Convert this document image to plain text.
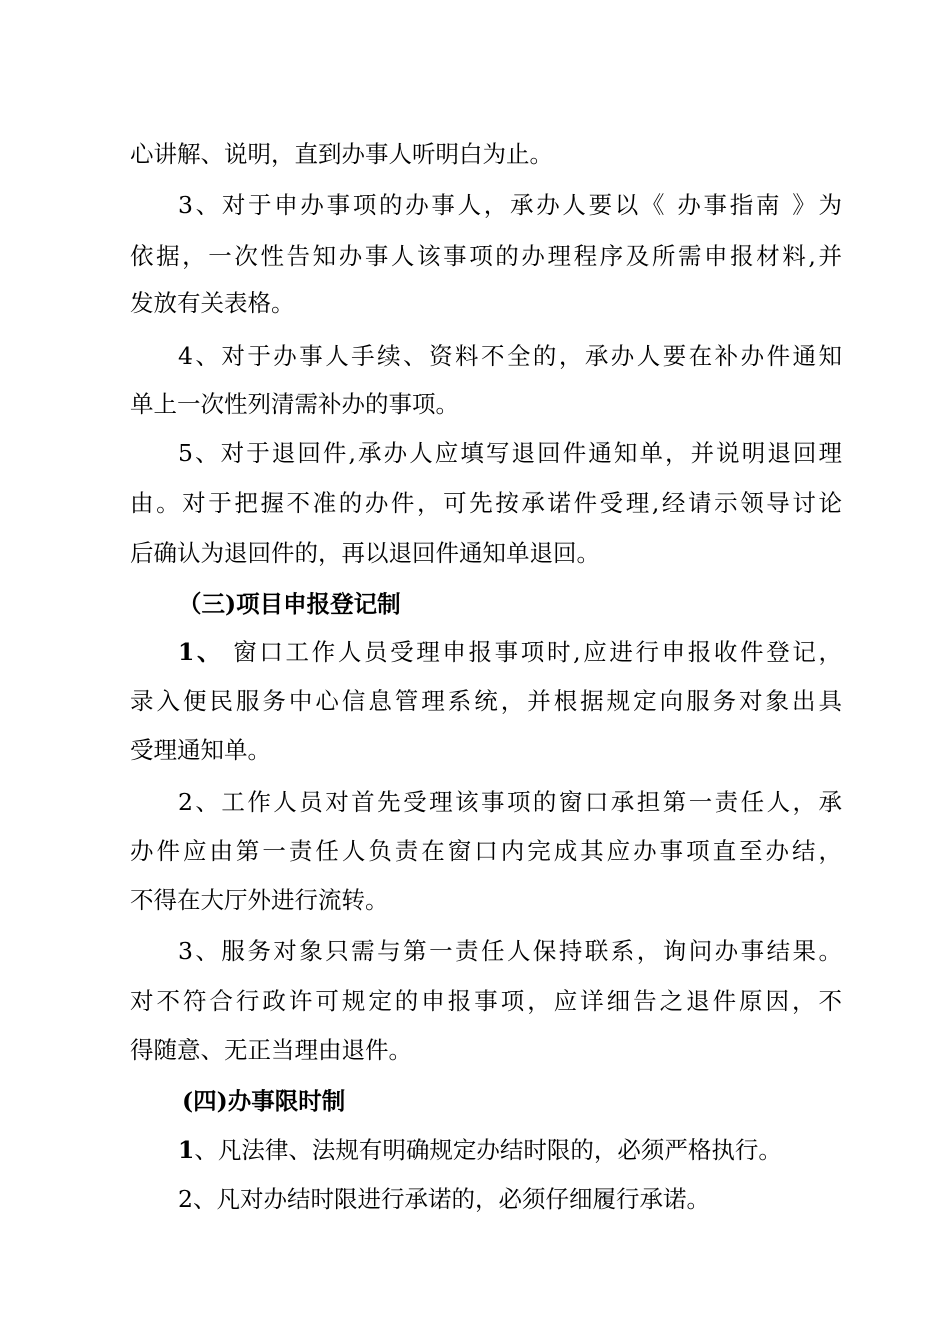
心讲解、说明，直到办事人听明白为止。
3、对于申办事项的办事人，承办人要以《 办事指南 》为
依据，一次性告知办事人该事项的办理程序及所需申报材料,并
发放有关表格。
4、对于办事人手续、资料不全的，承办人要在补办件通知
单上一次性列清需补办的事项。
5、对于退回件,承办人应填写退回件通知单，并说明退回理
由。对于把握不准的办件，可先按承诺件受理,经请示领导讨论
后确认为退回件的，再以退回件通知单退回。
（三)项目申报登记制
1、 窗口工作人员受理申报事项时,应进行申报收件登记，
录入便民服务中心信息管理系统，并根据规定向服务对象出具
受理通知单。
2、工作人员对首先受理该事项的窗口承担第一责任人，承
办件应由第一责任人负责在窗口内完成其应办事项直至办结，
不得在大厅外进行流转。
3、服务对象只需与第一责任人保持联系，询问办事结果。
对不符合行政许可规定的申报事项，应详细告之退件原因，不
得随意、无正当理由退件。
(四)办事限时制
1、凡法律、法规有明确规定办结时限的，必须严格执行。
2、凡对办结时限进行承诺的，必须仔细履行承诺。
